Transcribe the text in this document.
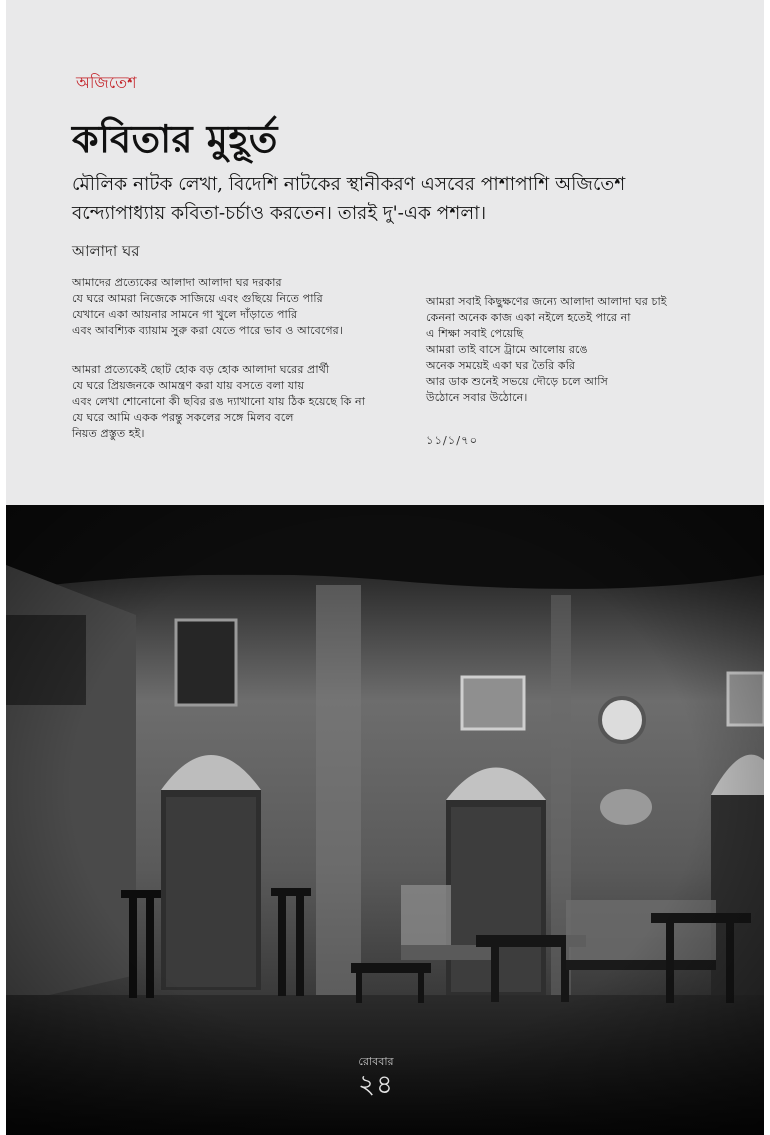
অজিতেশ
কবিতার মুহূর্ত
মৌলিক নাটক লেখা, বিদেশি নাটকের স্থানীকরণ এসবের পাশাপাশি অজিতেশ
বন্দ্যোপাধ্যায় কবিতা-চর্চাও করতেন। তারই দু'-এক পশলা।
আলাদা ঘর
আমাদের প্রত্যেকের আলাদা আলাদা ঘর দরকার
যে ঘরে আমরা নিজেকে সাজিয়ে এবং গুছিয়ে নিতে পারি
যেখানে একা আয়নার সামনে গা খুলে দাঁড়াতে পারি
এবং আবশ্যিক ব্যায়াম সুরু করা যেতে পারে ভাব ও আবেগের।
আমরা প্রত্যেকেই ছোট হোক বড় হোক আলাদা ঘরের প্রার্থী
যে ঘরে প্রিয়জনকে আমন্ত্রণ করা যায় বসতে বলা যায়
এবং লেখা শোনোনো কী ছবির রঙ দ্যাখানো যায় ঠিক হয়েছে কি না
যে ঘরে আমি একক পরন্তু সকলের সঙ্গে মিলব বলে
নিয়ত প্রস্তুত হই।
আমরা সবাই কিছুক্ষণের জন্যে আলাদা আলাদা ঘর চাই
কেননা অনেক কাজ একা নইলে হতেই পারে না
এ শিক্ষা সবাই পেয়েছি
আমরা তাই বাসে ট্রামে আলোয় রঙে
অনেক সময়েই একা ঘর তৈরি করি
আর ডাক শুনেই সভয়ে দৌড়ে চলে আসি
উঠোনে সবার উঠোনে।
১১/১/৭০
রোববার
২৪
